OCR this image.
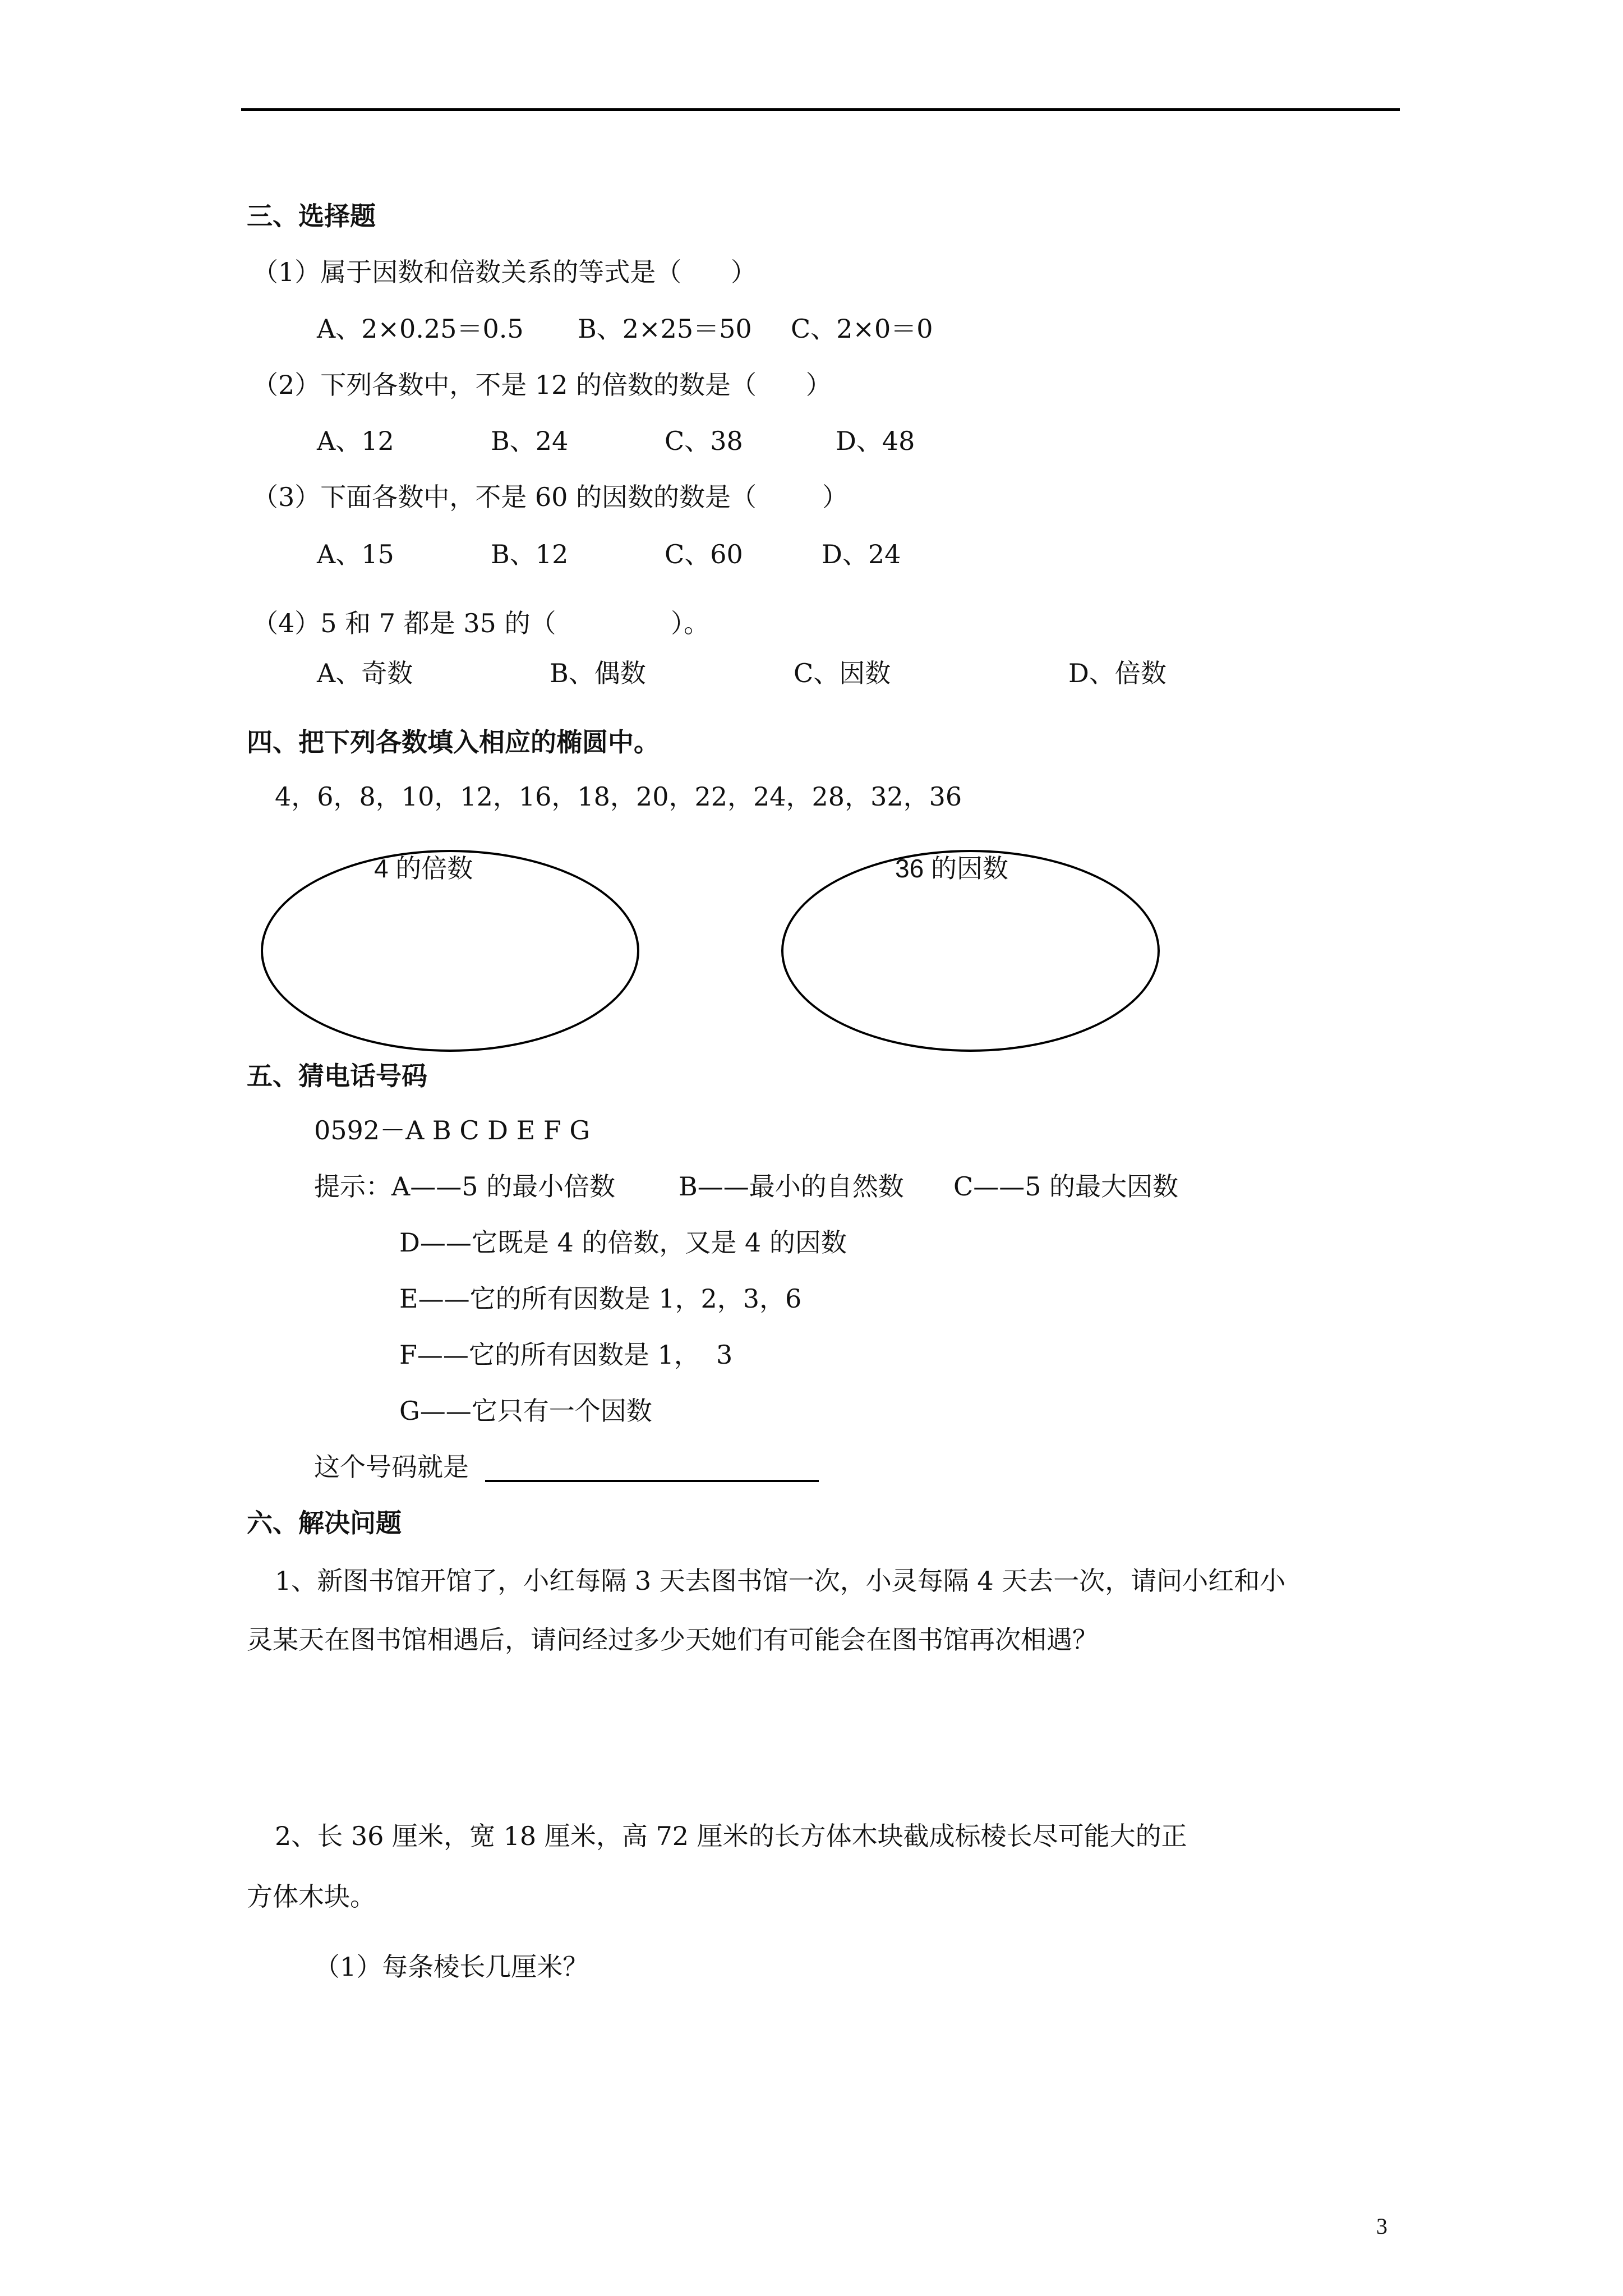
三、选择题
（1）属于因数和倍数关系的等式是（      ）
A、2×0.25＝0.5 B、2×25＝50 C、2×0＝0
（2）下列各数中，不是 12 的倍数的数是（      ）
A、12	B、24	C、38	D、48
（3）下面各数中，不是 60 的因数的数是（        ）
A、15	B、12	C、60	D、24
（4）5 和 7 都是 35 的（              ）。
A、奇数	B、偶数	C、因数	D、倍数
四、把下列各数填入相应的椭圆中。
4，6，8，10，12，16，18，20，22，24，28，32，36
4 的倍数	36 的因数
五、猜电话号码
0592－A B C D E F G
提示：A——5 的最小倍数 B——最小的自然数 C——5 的最大因数
D——它既是 4 的倍数，又是 4 的因数
E——它的所有因数是 1，2，3，6
F——它的所有因数是 1，  3
G——它只有一个因数
这个号码就是
六、解决问题
1、新图书馆开馆了，小红每隔 3 天去图书馆一次，小灵每隔 4 天去一次，请问小红和小
灵某天在图书馆相遇后，请问经过多少天她们有可能会在图书馆再次相遇？
2、长 36 厘米，宽 18 厘米，高 72 厘米的长方体木块截成标棱长尽可能大的正
方体木块。
（1）每条棱长几厘米？
3
